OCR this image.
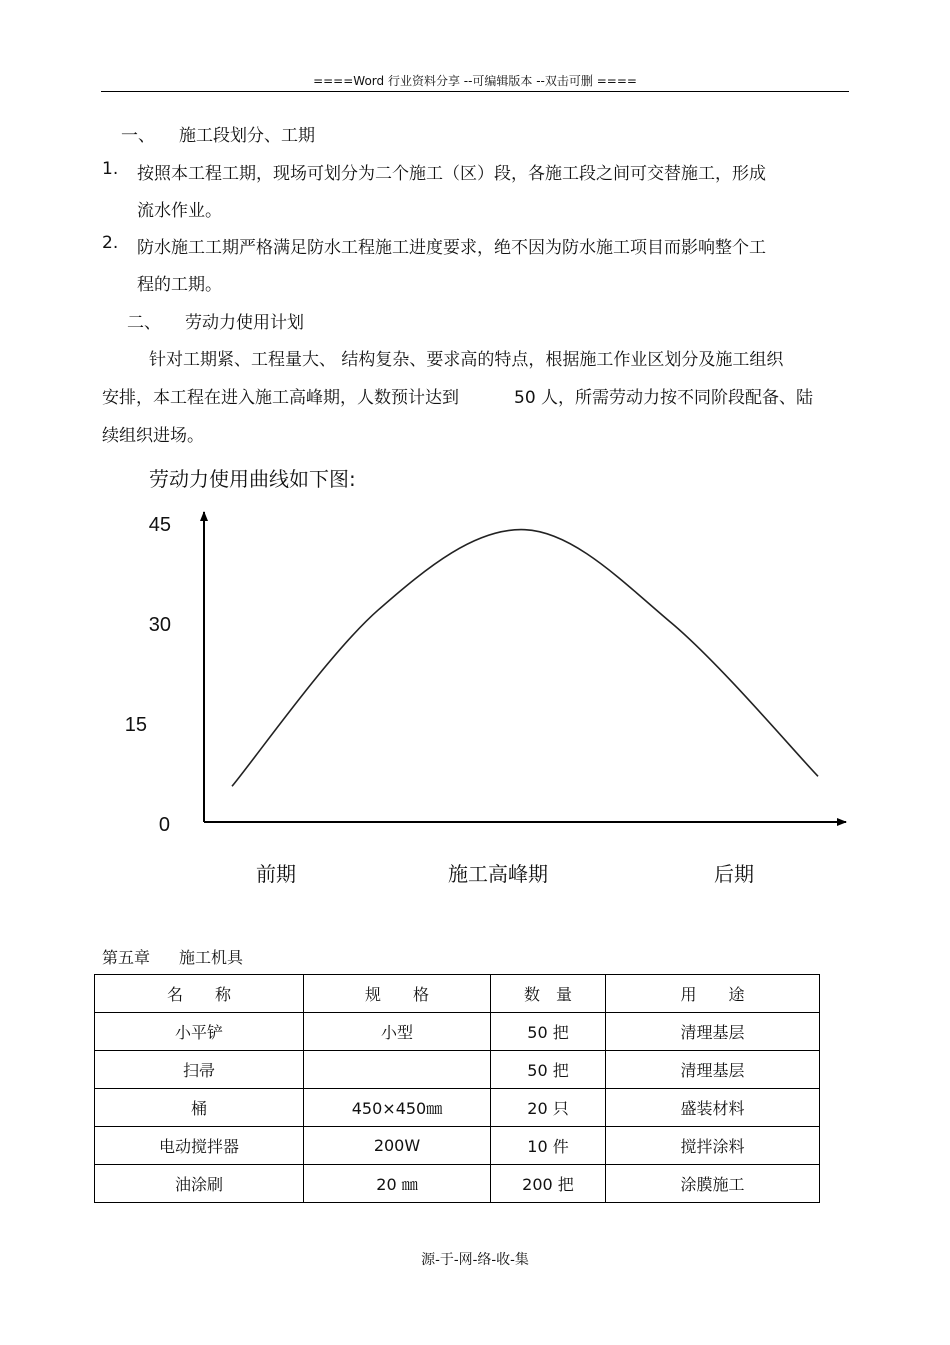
====Word 行业资料分享 --可编辑版本 --双击可删 ====
一、 施工段划分、工期
1. 按照本工程工期，现场可划分为二个施工（区）段，各施工段之间可交替施工，形成
流水作业。
2. 防水施工工期严格满足防水工程施工进度要求，绝不因为防水施工项目而影响整个工
程的工期。
二、 劳动力使用计划
针对工期紧、工程量大、 结构复杂、要求高的特点，根据施工作业区划分及施工组织
安排，本工程在进入施工高峰期，人数预计达到	50 人，所需劳动力按不同阶段配备、陆
续组织进场。
劳动力使用曲线如下图:
45
30
15
0
前期	施工高峰期	后期
第五章 施工机具
名　　称	规　　格	数　量	用　　途
小平铲	小型	50 把	清理基层
扫帚		50 把	清理基层
桶	450×450㎜	20 只	盛装材料
电动搅拌器	200W	10 件	搅拌涂料
油涂刷	20 ㎜	200 把	涂膜施工
源-于-网-络-收-集
